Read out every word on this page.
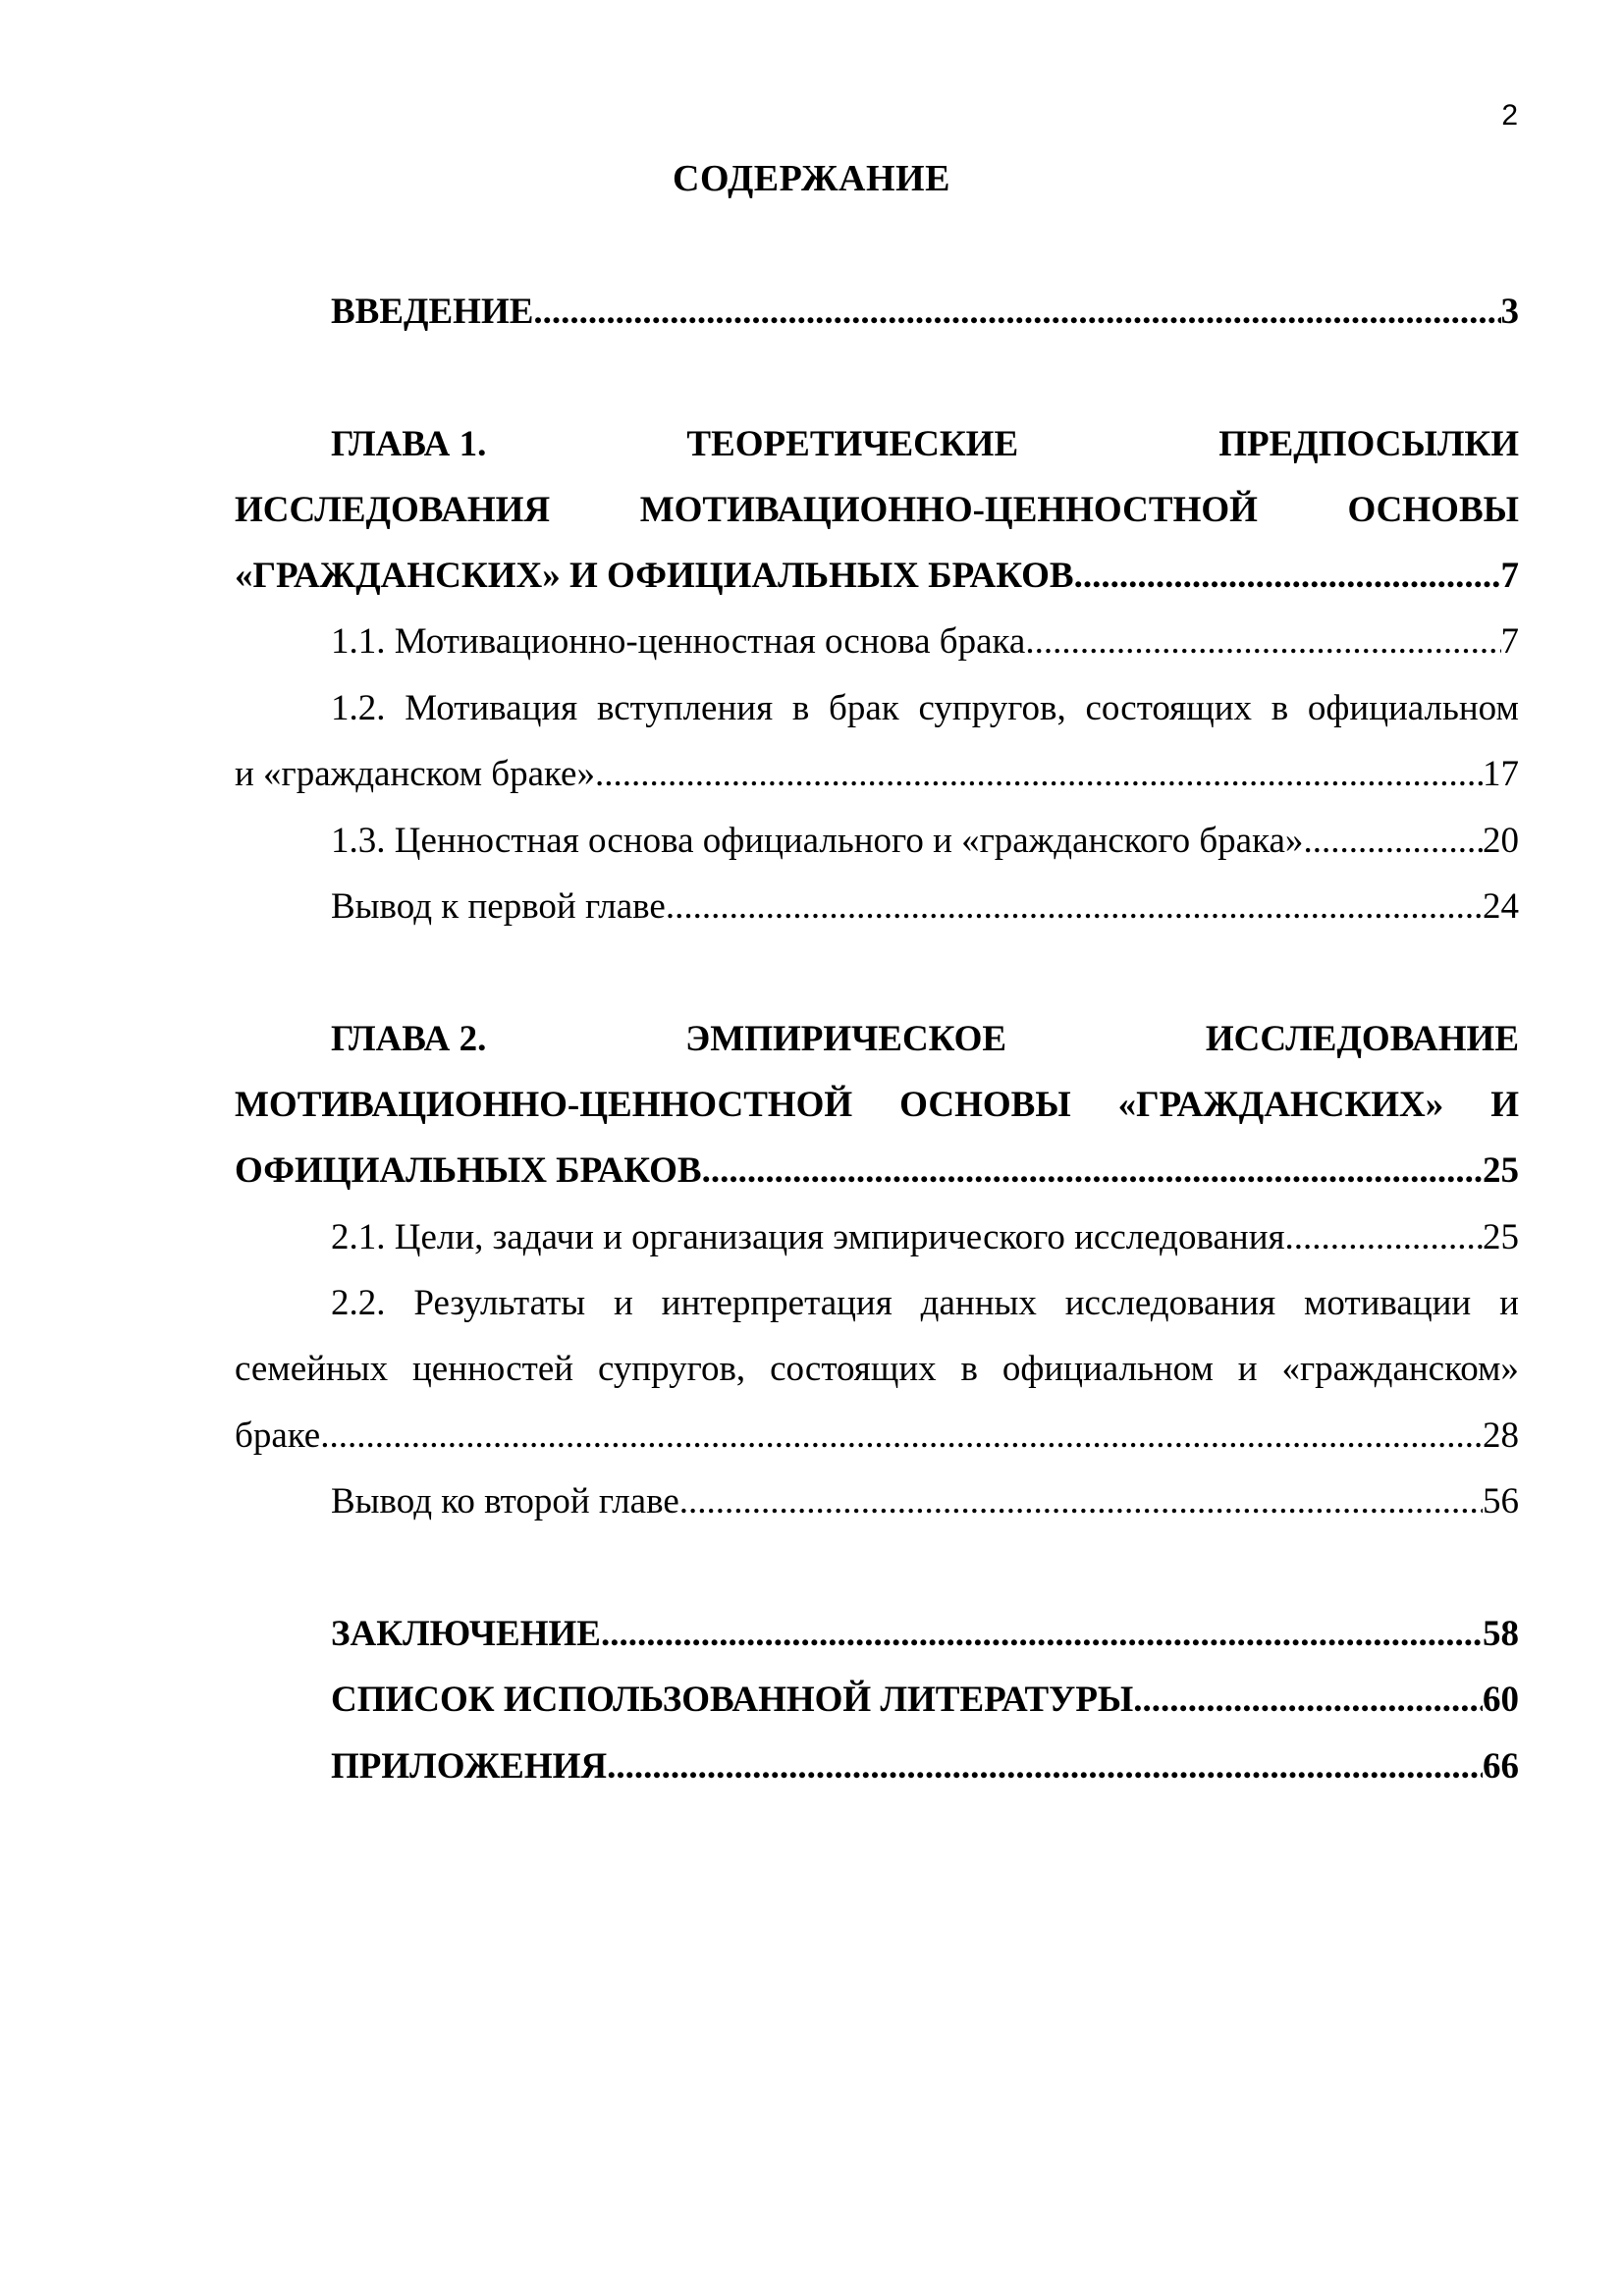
2
СОДЕРЖАНИЕ
ВВЕДЕНИЕ .....	3
ГЛАВА 1.	ТЕОРЕТИЧЕСКИЕ	ПРЕДПОСЫЛКИ
ИССЛЕДОВАНИЯ МОТИВАЦИОННО-ЦЕННОСТНОЙ ОСНОВЫ
«ГРАЖДАНСКИХ» И ОФИЦИАЛЬНЫХ БРАКОВ .....	7
1.1. Мотивационно-ценностная основа брака .....	7
1.2. Мотивация вступления в брак супругов, состоящих в официальном
и «гражданском браке» .....	17
1.3. Ценностная основа официального и «гражданского брака» .....	20
Вывод к первой главе .....	24
ГЛАВА 2.	ЭМПИРИЧЕСКОЕ	ИССЛЕДОВАНИЕ
МОТИВАЦИОННО-ЦЕННОСТНОЙ ОСНОВЫ «ГРАЖДАНСКИХ» И
ОФИЦИАЛЬНЫХ БРАКОВ .....	25
2.1. Цели, задачи и организация эмпирического исследования .....	25
2.2. Результаты и интерпретация данных исследования мотивации и
семейных ценностей супругов, состоящих в официальном и «гражданском»
браке .....	28
Вывод ко второй главе .....	56
ЗАКЛЮЧЕНИЕ .....	58
СПИСОК ИСПОЛЬЗОВАННОЙ ЛИТЕРАТУРЫ .....	60
ПРИЛОЖЕНИЯ .....	66
